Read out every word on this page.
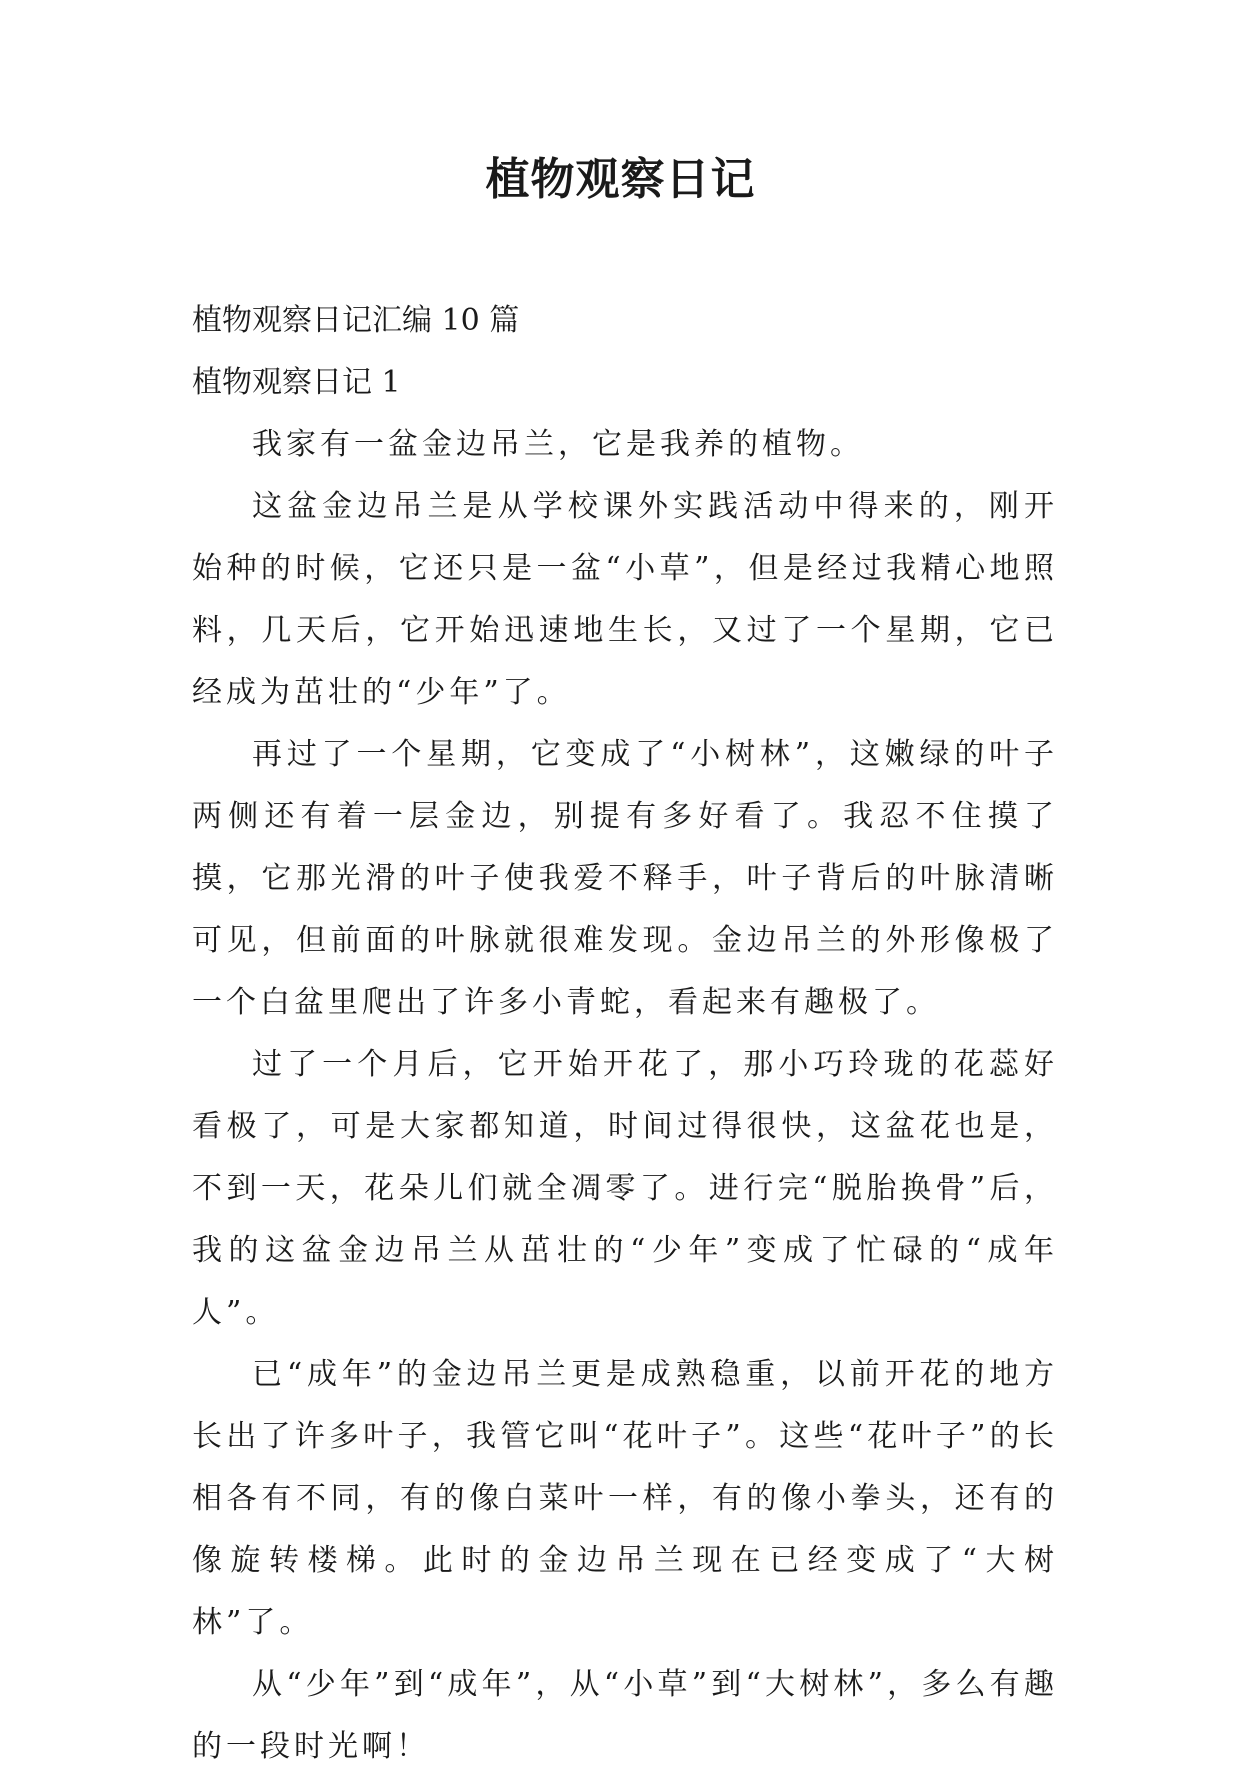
植物观察日记

植物观察日记汇编 10 篇

植物观察日记 1

我家有一盆金边吊兰，它是我养的植物。

这盆金边吊兰是从学校课外实践活动中得来的，刚开始种的时候，它还只是一盆“小草”，但是经过我精心地照料，几天后，它开始迅速地生长，又过了一个星期，它已经成为茁壮的“少年”了。

再过了一个星期，它变成了“小树林”，这嫩绿的叶子两侧还有着一层金边，别提有多好看了。我忍不住摸了摸，它那光滑的叶子使我爱不释手，叶子背后的叶脉清晰可见，但前面的叶脉就很难发现。金边吊兰的外形像极了一个白盆里爬出了许多小青蛇，看起来有趣极了。

过了一个月后，它开始开花了，那小巧玲珑的花蕊好看极了，可是大家都知道，时间过得很快，这盆花也是，不到一天，花朵儿们就全凋零了。进行完“脱胎换骨”后，我的这盆金边吊兰从茁壮的“少年”变成了忙碌的“成年人”。

已“成年”的金边吊兰更是成熟稳重，以前开花的地方长出了许多叶子，我管它叫“花叶子”。这些“花叶子”的长相各有不同，有的像白菜叶一样，有的像小拳头，还有的像旋转楼梯。此时的金边吊兰现在已经变成了“大树林”了。

从“少年”到“成年”，从“小草”到“大树林”，多么有趣的一段时光啊！
